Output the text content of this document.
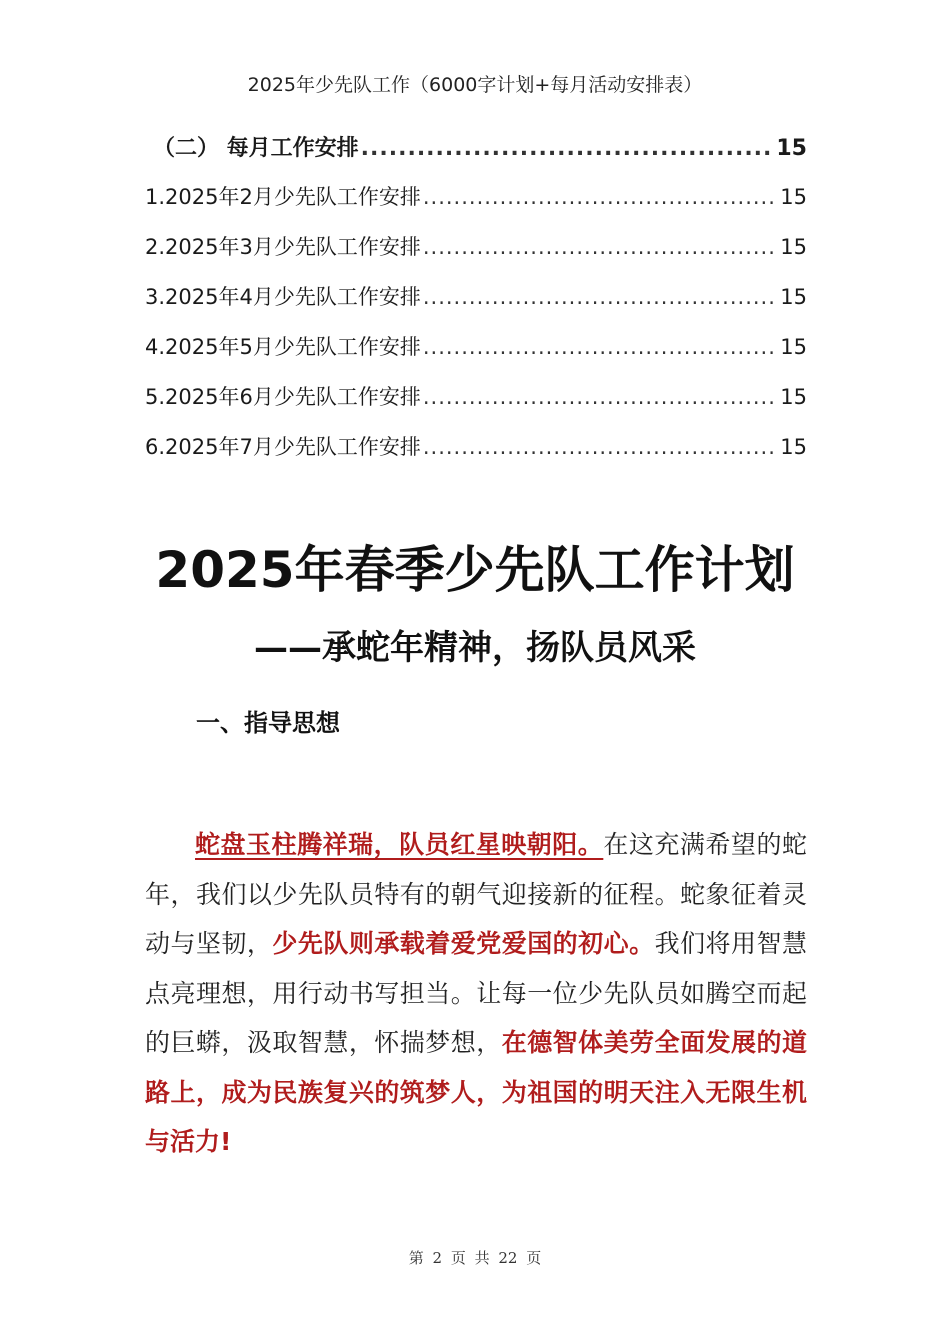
2025年少先队工作（6000字计划+每月活动安排表）
（二） 每月工作安排 .....	15
1.2025年2月少先队工作安排 .....	15
2.2025年3月少先队工作安排 .....	15
3.2025年4月少先队工作安排 .....	15
4.2025年5月少先队工作安排 .....	15
5.2025年6月少先队工作安排 .....	15
6.2025年7月少先队工作安排 .....	15
2025年春季少先队工作计划
——承蛇年精神，扬队员风采
一、指导思想

蛇盘玉柱腾祥瑞，队员红星映朝阳。在这充满希望的蛇年，我们以少先队员特有的朝气迎接新的征程。蛇象征着灵动与坚韧，少先队则承载着爱党爱国的初心。我们将用智慧点亮理想，用行动书写担当。让每一位少先队员如腾空而起的巨蟒，汲取智慧，怀揣梦想，在德智体美劳全面发展的道路上，成为民族复兴的筑梦人，为祖国的明天注入无限生机与活力!

第 2 页 共 22 页
